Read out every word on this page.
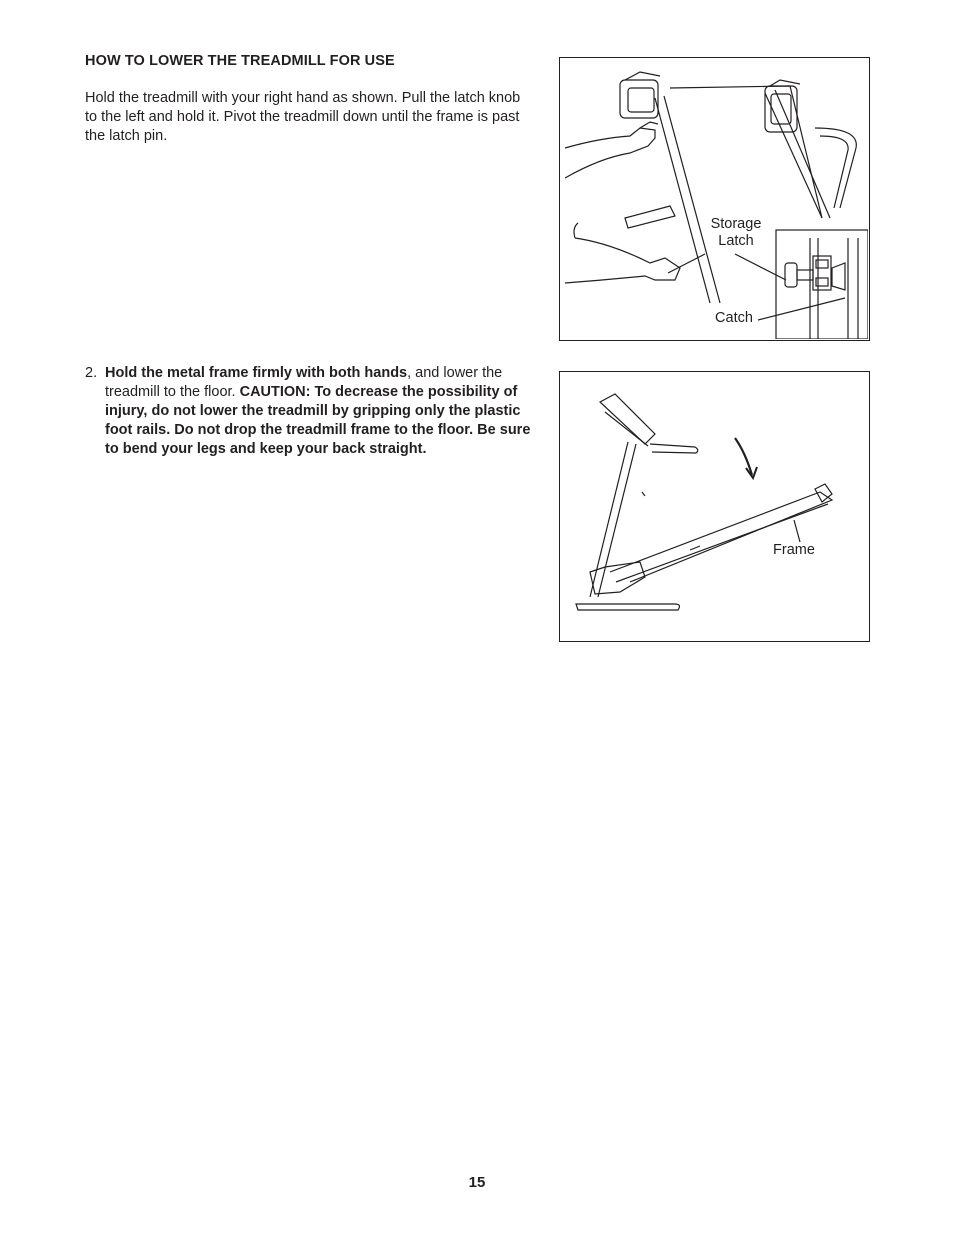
HOW TO LOWER THE TREADMILL FOR USE
Hold the treadmill with your right hand as shown. Pull the latch knob to the left and hold it. Pivot the treadmill down until the frame is past the latch pin.
2. Hold the metal frame firmly with both hands, and lower the treadmill to the floor. CAUTION: To decrease the possibility of injury, do not lower the treadmill by gripping only the plastic foot rails. Do not drop the treadmill frame to the floor. Be sure to bend your legs and keep your back straight.
Storage
Latch
Catch
Frame
15
